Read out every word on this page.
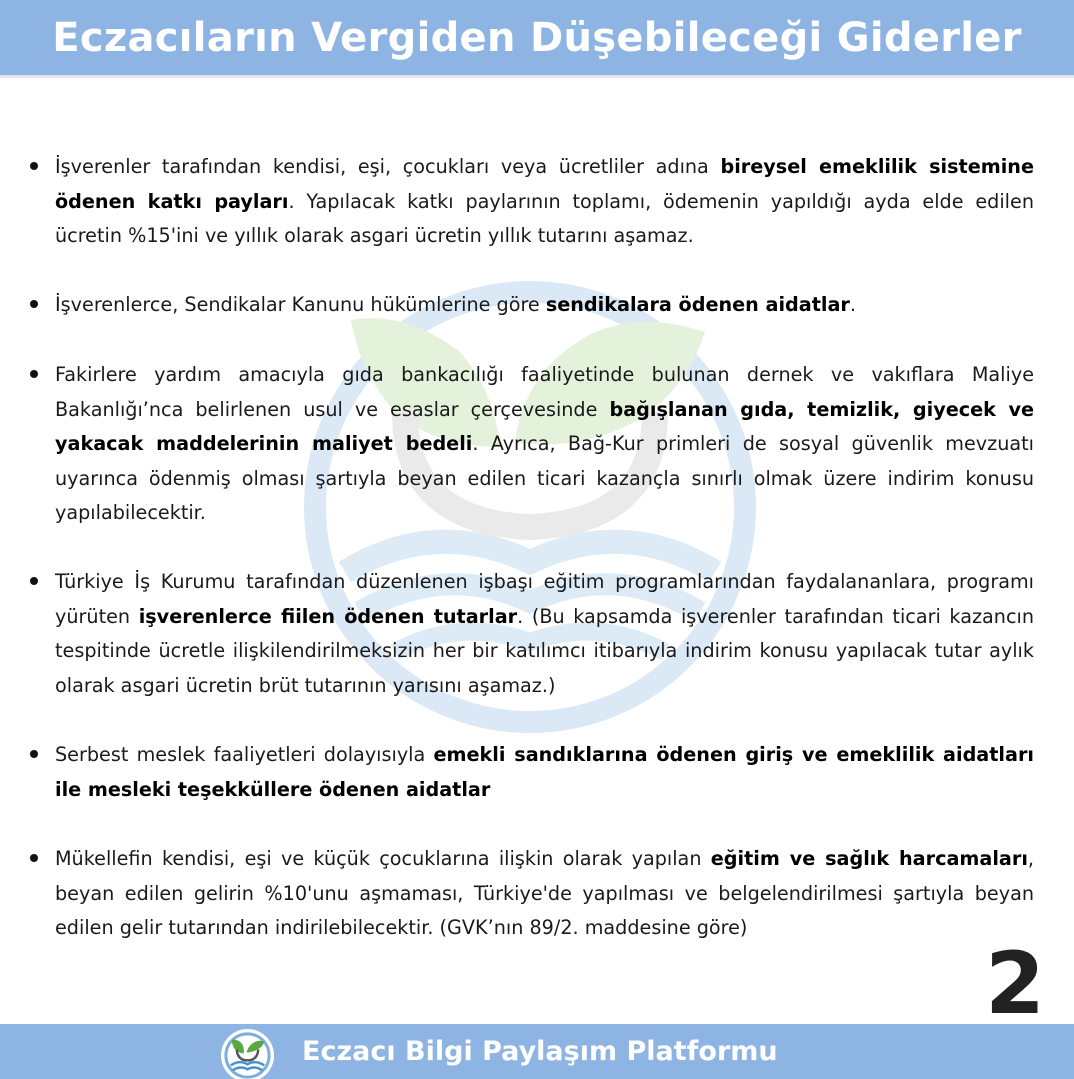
Eczacıların Vergiden Düşebileceği Giderler
İşverenler tarafından kendisi, eşi, çocukları veya ücretliler adına bireysel emeklilik sistemine ödenen katkı payları. Yapılacak katkı paylarının toplamı, ödemenin yapıldığı ayda elde edilen ücretin %15'ini ve yıllık olarak asgari ücretin yıllık tutarını aşamaz.
İşverenlerce, Sendikalar Kanunu hükümlerine göre sendikalara ödenen aidatlar.
Fakirlere yardım amacıyla gıda bankacılığı faaliyetinde bulunan dernek ve vakıflara Maliye Bakanlığı’nca belirlenen usul ve esaslar çerçevesinde bağışlanan gıda, temizlik, giyecek ve yakacak maddelerinin maliyet bedeli. Ayrıca, Bağ-Kur primleri de sosyal güvenlik mevzuatı uyarınca ödenmiş olması şartıyla beyan edilen ticari kazançla sınırlı olmak üzere indirim konusu yapılabilecektir.
Türkiye İş Kurumu tarafından düzenlenen işbaşı eğitim programlarından faydalananlara, programı yürüten işverenlerce fiilen ödenen tutarlar. (Bu kapsamda işverenler tarafından ticari kazancın tespitinde ücretle ilişkilendirilmeksizin her bir katılımcı itibarıyla indirim konusu yapılacak tutar aylık olarak asgari ücretin brüt tutarının yarısını aşamaz.)
Serbest meslek faaliyetleri dolayısıyla emekli sandıklarına ödenen giriş ve emeklilik aidatları ile mesleki teşekküllere ödenen aidatlar
Mükellefin kendisi, eşi ve küçük çocuklarına ilişkin olarak yapılan eğitim ve sağlık harcamaları, beyan edilen gelirin %10'unu aşmaması, Türkiye'de yapılması ve belgelendirilmesi şartıyla beyan edilen gelir tutarından indirilebilecektir. (GVK’nın 89/2. maddesine göre)
2
Eczacı Bilgi Paylaşım Platformu
